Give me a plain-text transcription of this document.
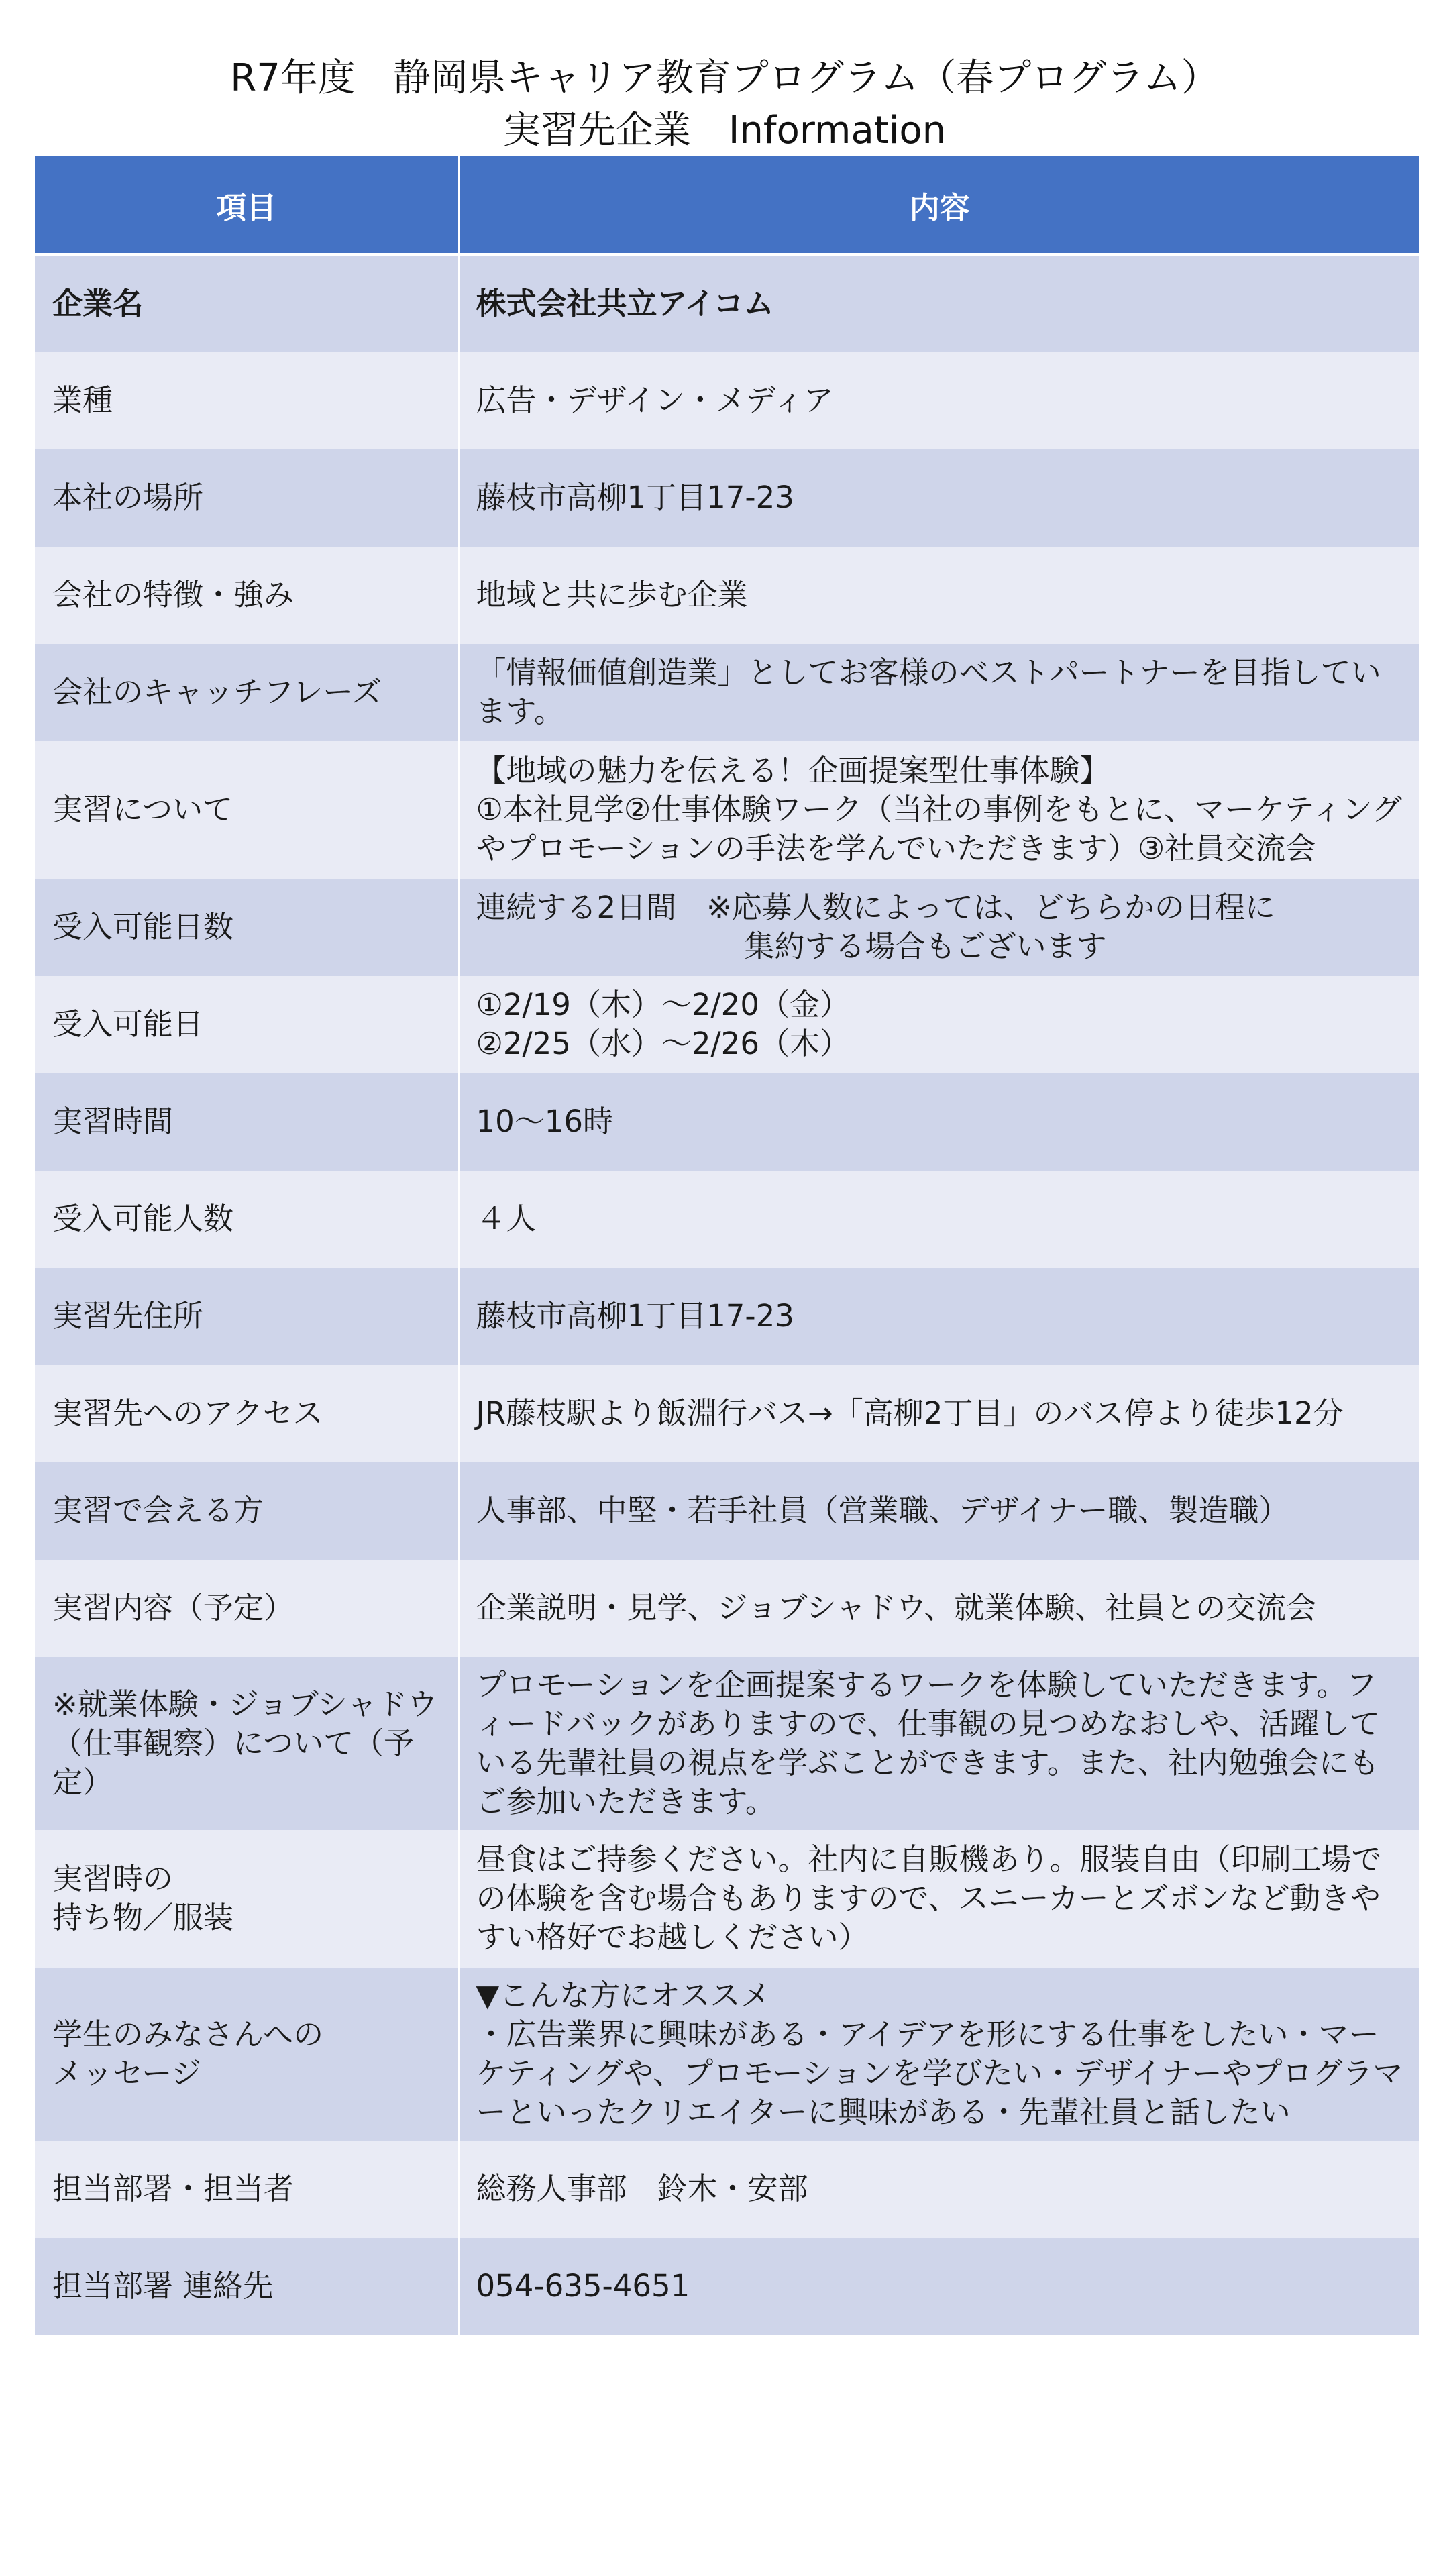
R7年度　静岡県キャリア教育プログラム（春プログラム）
実習先企業　Information
項目	内容
企業名	株式会社共立アイコム
業種	広告・デザイン・メディア
本社の場所	藤枝市高柳1丁目17-23
会社の特徴・強み	地域と共に歩む企業
会社のキャッチフレーズ	「情報価値創造業」としてお客様のベストパートナーを目指しています。
実習について	【地域の魅力を伝える！企画提案型仕事体験】
①本社見学②仕事体験ワーク（当社の事例をもとに、マーケティングやプロモーションの手法を学んでいただきます）③社員交流会
受入可能日数	連続する2日間　※応募人数によっては、どちらかの日程に
集約する場合もございます

受入可能日	①2/19（木）～2/20（金）
②2/25（水）～2/26（木）
実習時間	10～16時
受入可能人数	４人
実習先住所	藤枝市高柳1丁目17-23
実習先へのアクセス	JR藤枝駅より飯淵行バス→「高柳2丁目」のバス停より徒歩12分
実習で会える方	人事部、中堅・若手社員（営業職、デザイナー職、製造職）
実習内容（予定）	企業説明・見学、ジョブシャドウ、就業体験、社員との交流会
※就業体験・ジョブシャドウ（仕事観察）について（予定）	プロモーションを企画提案するワークを体験していただきます。フィードバックがありますので、仕事観の見つめなおしや、活躍している先輩社員の視点を学ぶことができます。また、社内勉強会にもご参加いただきます。
実習時の
持ち物／服装	昼食はご持参ください。社内に自販機あり。服装自由（印刷工場での体験を含む場合もありますので、スニーカーとズボンなど動きやすい格好でお越しください）
学生のみなさんへの
メッセージ	▼こんな方にオススメ
・広告業界に興味がある・アイデアを形にする仕事をしたい・マーケティングや、プロモーションを学びたい・デザイナーやプログラマーといったクリエイターに興味がある・先輩社員と話したい
担当部署・担当者	総務人事部　鈴木・安部
担当部署 連絡先	054-635-4651
